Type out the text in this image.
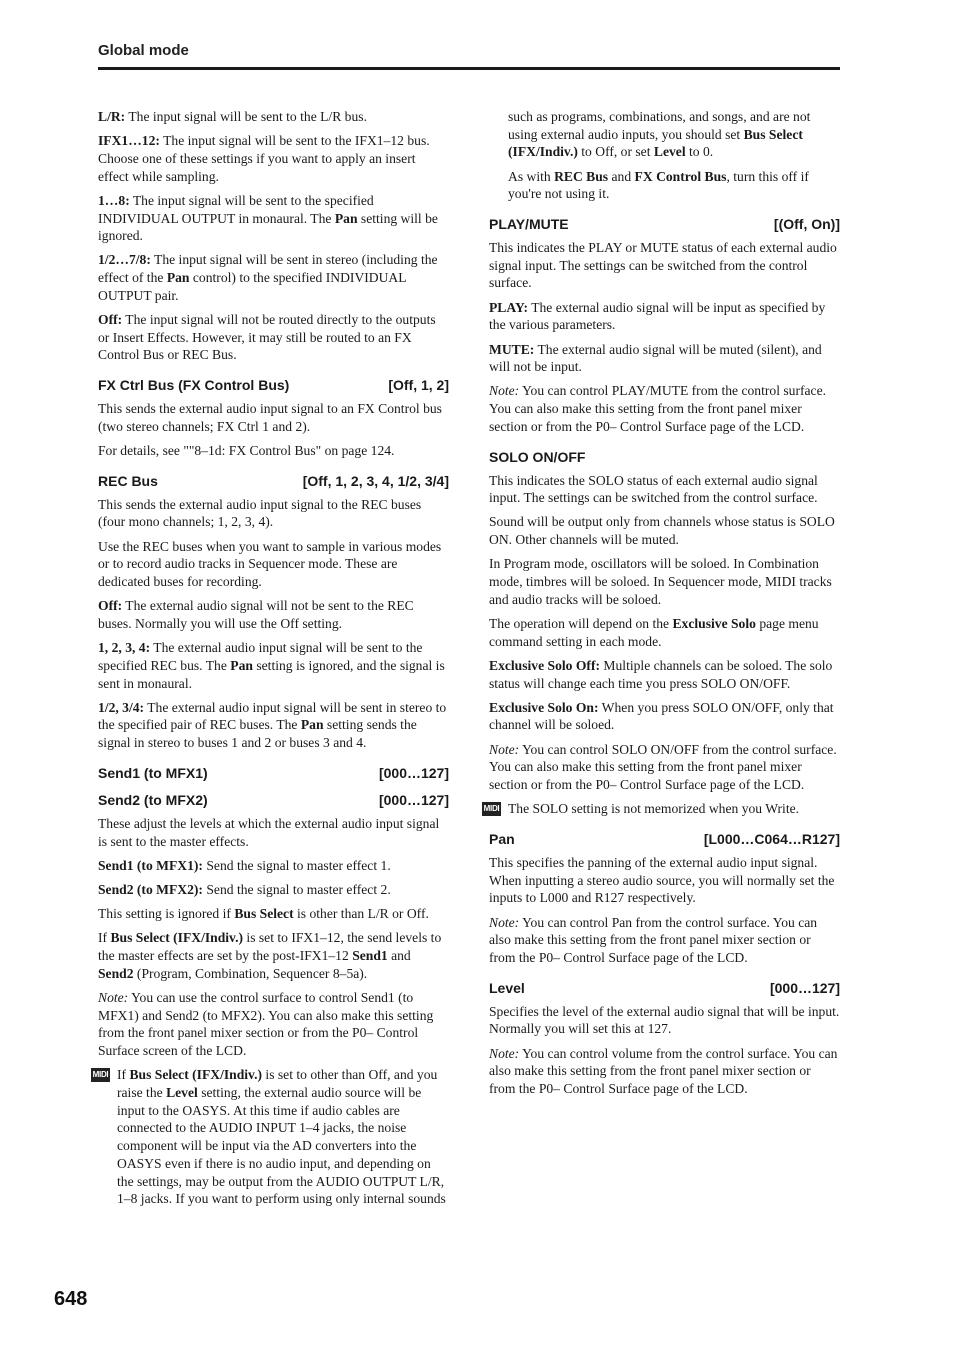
Global mode

L/R: The input signal will be sent to the L/R bus.

IFX1…12: The input signal will be sent to the IFX1–12 bus. Choose one of these settings if you want to apply an insert effect while sampling.

1…8: The input signal will be sent to the specified INDIVIDUAL OUTPUT in monaural. The Pan setting will be ignored.

1/2…7/8: The input signal will be sent in stereo (including the effect of the Pan control) to the specified INDIVIDUAL OUTPUT pair.

Off: The input signal will not be routed directly to the outputs or Insert Effects. However, it may still be routed to an FX Control Bus or REC Bus.

FX Ctrl Bus (FX Control Bus)	[Off, 1, 2]

This sends the external audio input signal to an FX Control bus (two stereo channels; FX Ctrl 1 and 2).

For details, see ""8–1d: FX Control Bus" on page 124.

REC Bus	[Off, 1, 2, 3, 4, 1/2, 3/4]

This sends the external audio input signal to the REC buses (four mono channels; 1, 2, 3, 4).

Use the REC buses when you want to sample in various modes or to record audio tracks in Sequencer mode. These are dedicated buses for recording.

Off: The external audio signal will not be sent to the REC buses. Normally you will use the Off setting.

1, 2, 3, 4: The external audio input signal will be sent to the specified REC bus. The Pan setting is ignored, and the signal is sent in monaural.

1/2, 3/4: The external audio input signal will be sent in stereo to the specified pair of REC buses. The Pan setting sends the signal in stereo to buses 1 and 2 or buses 3 and 4.

Send1 (to MFX1)	[000…127]
Send2 (to MFX2)	[000…127]

These adjust the levels at which the external audio input signal is sent to the master effects.

Send1 (to MFX1): Send the signal to master effect 1.

Send2 (to MFX2): Send the signal to master effect 2.

This setting is ignored if Bus Select is other than L/R or Off.

If Bus Select (IFX/Indiv.) is set to IFX1–12, the send levels to the master effects are set by the post-IFX1–12 Send1 and Send2 (Program, Combination, Sequencer 8–5a).

Note: You can use the control surface to control Send1 (to MFX1) and Send2 (to MFX2). You can also make this setting from the front panel mixer section or from the P0– Control Surface screen of the LCD.

MIDI If Bus Select (IFX/Indiv.) is set to other than Off, and you raise the Level setting, the external audio source will be input to the OASYS. At this time if audio cables are connected to the AUDIO INPUT 1–4 jacks, the noise component will be input via the AD converters into the OASYS even if there is no audio input, and depending on the settings, may be output from the AUDIO OUTPUT L/R, 1–8 jacks. If you want to perform using only internal sounds

such as programs, combinations, and songs, and are not using external audio inputs, you should set Bus Select (IFX/Indiv.) to Off, or set Level to 0.

As with REC Bus and FX Control Bus, turn this off if you're not using it.

PLAY/MUTE	[(Off, On)]

This indicates the PLAY or MUTE status of each external audio signal input. The settings can be switched from the control surface.

PLAY: The external audio signal will be input as specified by the various parameters.

MUTE: The external audio signal will be muted (silent), and will not be input.

Note: You can control PLAY/MUTE from the control surface. You can also make this setting from the front panel mixer section or from the P0– Control Surface page of the LCD.

SOLO ON/OFF

This indicates the SOLO status of each external audio signal input. The settings can be switched from the control surface.

Sound will be output only from channels whose status is SOLO ON. Other channels will be muted.

In Program mode, oscillators will be soloed. In Combination mode, timbres will be soloed. In Sequencer mode, MIDI tracks and audio tracks will be soloed.

The operation will depend on the Exclusive Solo page menu command setting in each mode.

Exclusive Solo Off: Multiple channels can be soloed. The solo status will change each time you press SOLO ON/OFF.

Exclusive Solo On: When you press SOLO ON/OFF, only that channel will be soloed.

Note: You can control SOLO ON/OFF from the control surface. You can also make this setting from the front panel mixer section or from the P0– Control Surface page of the LCD.

MIDI The SOLO setting is not memorized when you Write.
Pan	[L000…C064…R127]

This specifies the panning of the external audio input signal. When inputting a stereo audio source, you will normally set the inputs to L000 and R127 respectively.

Note: You can control Pan from the control surface. You can also make this setting from the front panel mixer section or from the P0– Control Surface page of the LCD.

Level	[000…127]

Specifies the level of the external audio signal that will be input. Normally you will set this at 127.

Note: You can control volume from the control surface. You can also make this setting from the front panel mixer section or from the P0– Control Surface page of the LCD.

648
